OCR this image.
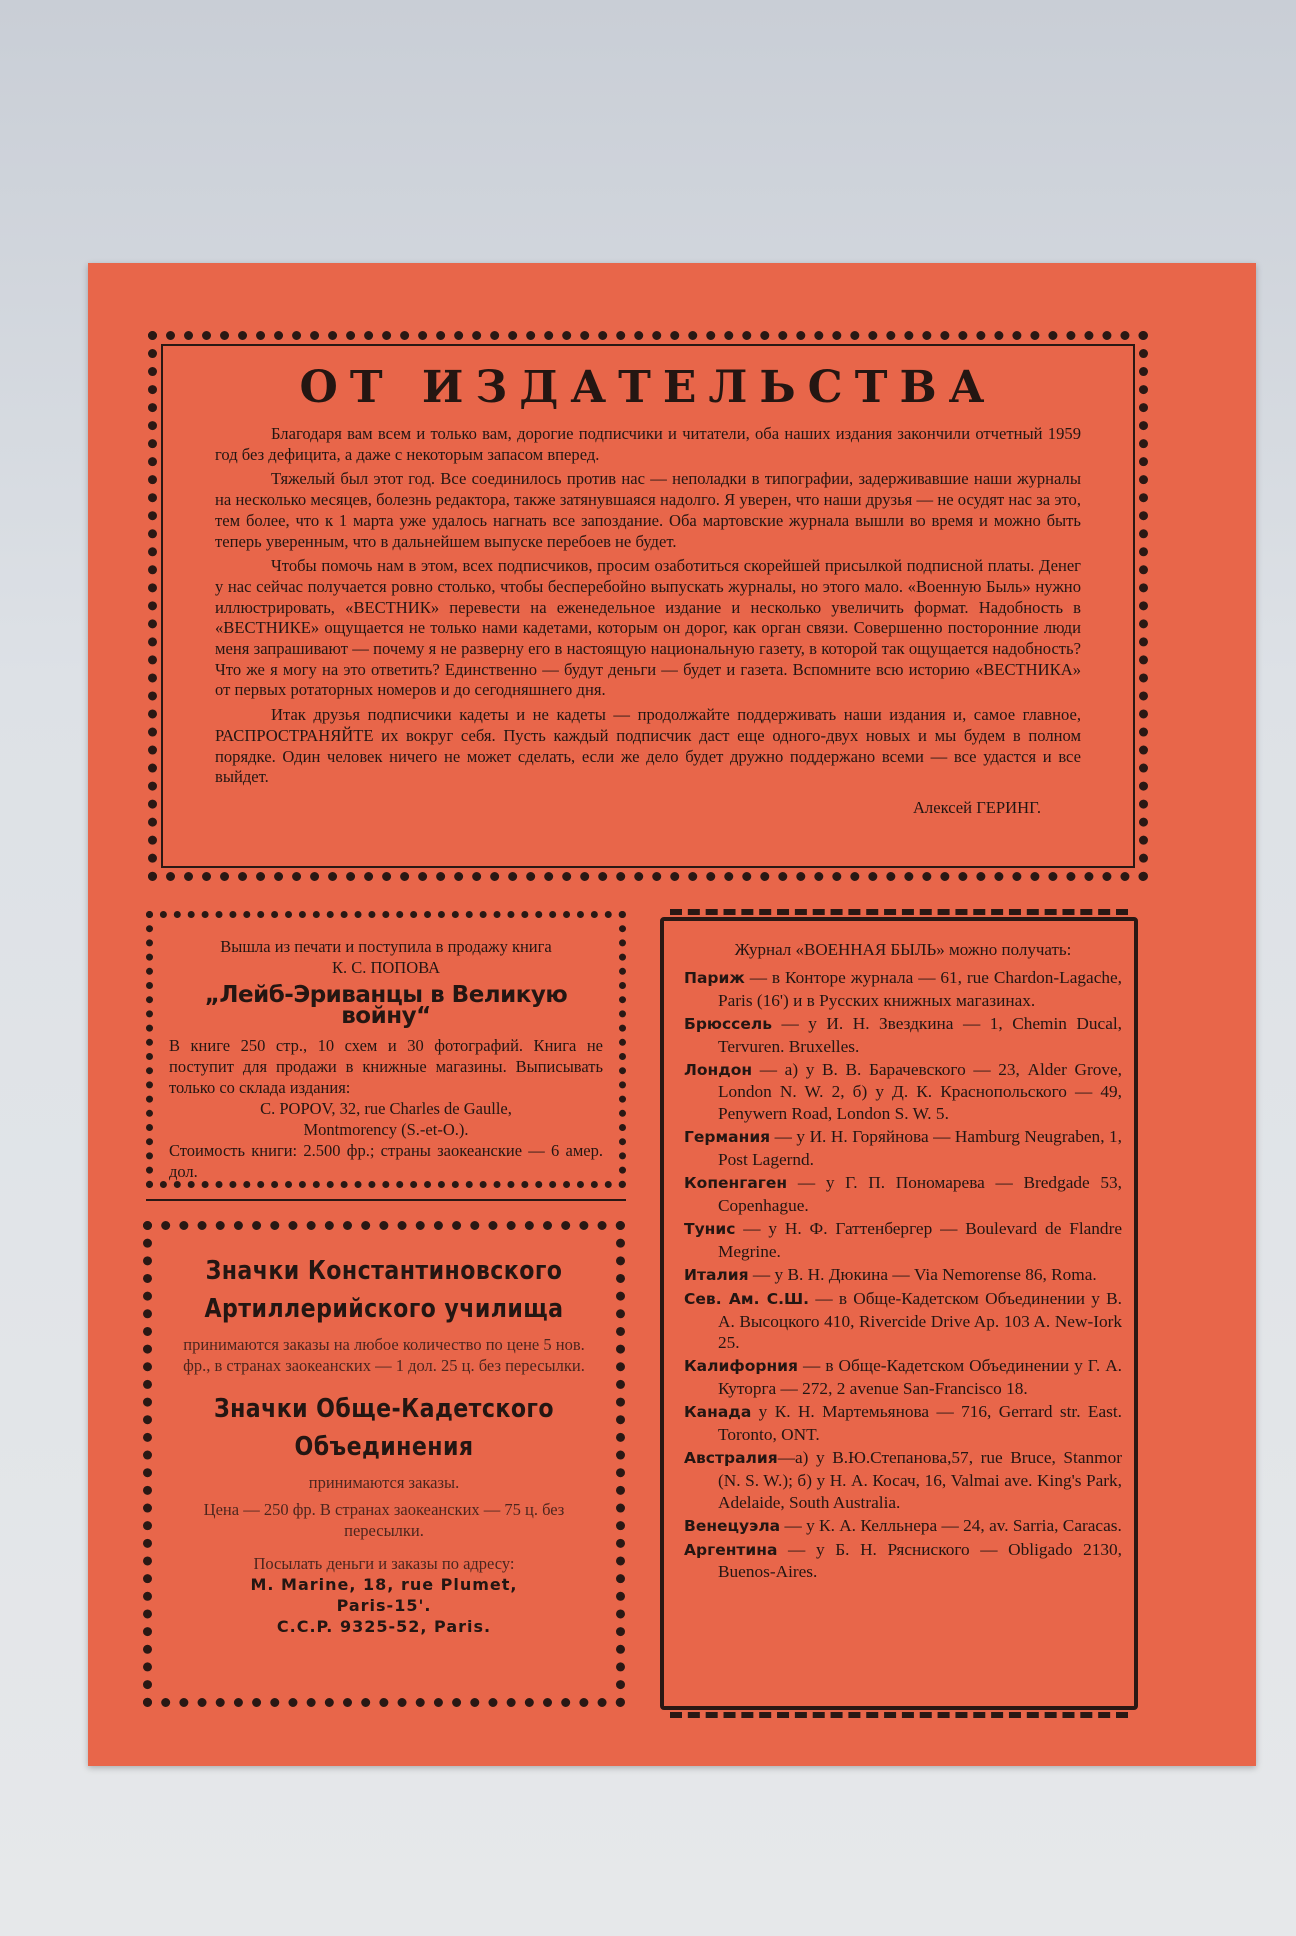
ОТ ИЗДАТЕЛЬСТВА

Благодаря вам всем и только вам, дорогие подписчики и читатели, оба наших издания закончили отчетный 1959 год без дефицита, а даже с некоторым запасом вперед.

Тяжелый был этот год. Все соединилось против нас — неполадки в типографии, задерживавшие наши журналы на несколько месяцев, болезнь редактора, также затянувшаяся надолго. Я уверен, что наши друзья — не осудят нас за это, тем более, что к 1 марта уже удалось нагнать все запоздание. Оба мартовские журнала вышли во время и можно быть теперь уверенным, что в дальнейшем выпуске перебоев не будет.

Чтобы помочь нам в этом, всех подписчиков, просим озаботиться скорейшей присылкой подписной платы. Денег у нас сейчас получается ровно столько, чтобы бесперебойно выпускать журналы, но этого мало. «Военную Быль» нужно иллюстрировать, «ВЕСТНИК» перевести на еженедельное издание и несколько увеличить формат. Надобность в «ВЕСТНИКЕ» ощущается не только нами кадетами, которым он дорог, как орган связи. Совершенно посторонние люди меня запрашивают — почему я не разверну его в настоящую национальную газету, в которой так ощущается надобность? Что же я могу на это ответить? Единственно — будут деньги — будет и газета. Вспомните всю историю «ВЕСТНИКА» от первых ротаторных номеров и до сегодняшнего дня.

Итак друзья подписчики кадеты и не кадеты — продолжайте поддерживать наши издания и, самое главное, РАСПРОСТРАНЯЙТЕ их вокруг себя. Пусть каждый подписчик даст еще одного-двух новых и мы будем в полном порядке. Один человек ничего не может сделать, если же дело будет дружно поддержано всеми — все удастся и все выйдет.

Алексей ГЕРИНГ.

Вышла из печати и поступила в продажу книга
К. С. ПОПОВА
„Лейб-Эриванцы в Великую войну“
В книге 250 стр., 10 схем и 30 фотографий. Книга не поступит для продажи в книжные магазины. Выписывать только со склада издания:
C. POPOV, 32, rue Charles de Gaulle,
Montmorency (S.-et-O.).
Стоимость книги: 2.500 фр.; страны заокеанские — 6 амер. дол.
Значки Константиновского
Артиллерийского училища
принимаются заказы на любое количество по цене 5 нов. фр., в странах заокеанских — 1 дол. 25 ц. без пересылки.
Значки Обще-Кадетского
Объединения
принимаются заказы.
Цена — 250 фр. В странах заокеанских — 75 ц. без пересылки.
Посылать деньги и заказы по адресу:
M. Marine, 18, rue Plumet,
Paris-15'.
C.C.P. 9325-52, Paris.
Журнал «ВОЕННАЯ БЫЛЬ» можно получать:
Париж — в Конторе журнала — 61, rue Chardon-Lagache, Paris (16') и в Русских книжных магазинах.
Брюссель — у И. Н. Звездкина — 1, Chemin Ducal, Tervuren. Bruxelles.
Лондон — а) у В. В. Барачевского — 23, Alder Grove, London N. W. 2, б) у Д. К. Краснопольского — 49, Penywern Road, London S. W. 5.
Германия — у И. Н. Горяйнова — Hamburg Neugraben, 1, Post Lagernd.
Копенгаген — у Г. П. Пономарева — Bredgade 53, Copenhague.
Тунис — у Н. Ф. Гаттенбергер — Boulevard de Flandre Megrine.
Италия — у В. Н. Дюкина — Via Nemorense 86, Roma.
Сев. Ам. С.Ш. — в Обще-Кадетском Объединении у В. А. Высоцкого 410, Rivercide Drive Ap. 103 A. New-Iork 25.
Калифорния — в Обще-Кадетском Объединении у Г. А. Куторга — 272, 2 avenue San-Francisco 18.
Канада у К. Н. Мартемьянова — 716, Gerrard str. East. Toronto, ONT.
Австралия—а) у В.Ю.Степанова,57, rue Bruce, Stanmor (N. S. W.); б) у Н. А. Косач, 16, Valmai ave. King's Park, Adelaide, South Australia.
Венецуэла — у К. А. Келльнера — 24, av. Sarria, Caracas.
Аргентина — у Б. Н. Рясниского — Obligado 2130, Buenos-Aires.
